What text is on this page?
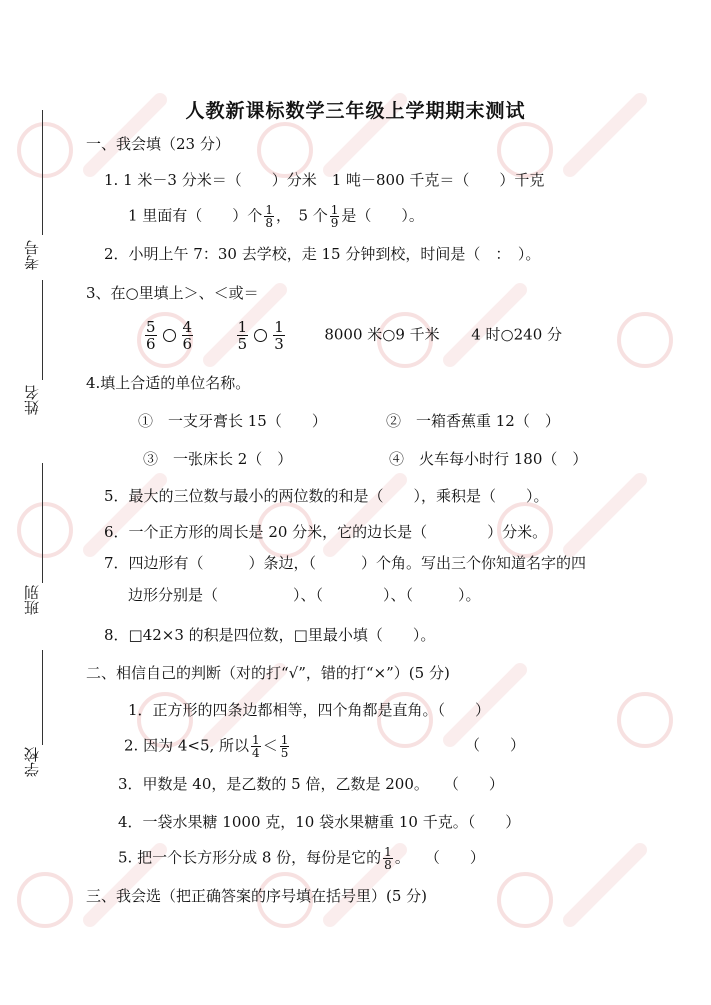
考号
姓名
班别
学校
人教新课标数学三年级上学期期末测试
一、我会填（23 分）
1. 1 米－3 分米＝（　　）分米　1 吨－800 千克＝（　　）千克
1 里面有（　　）个 $\frac{1}{8}$ ，　5 个 $\frac{1}{9}$ 是（　　）。
2．小明上午 7：30 去学校，走 15 分钟到校，时间是（　：　）。
3、在○里填上＞、＜或＝
$\frac{5}{6} \frac{4}{6}$
	$\frac{1}{5} \frac{1}{3}$	8000 米○9 千米 4 时○240 分
4.填上合适的单位名称。
①　一支牙膏长 15（　　）	②　一箱香蕉重 12（　）
③　一张床长 2（　）	④　火车每小时行 180（　）
5．最大的三位数与最小的两位数的和是（　　），乘积是（　　）。
6．一个正方形的周长是 20 分米，它的边长是（　　　　）分米。
7．四边形有（　　　）条边，（　　　）个角。写出三个你知道名字的四
边形分别是（　　　　　）、（　　　　）、（　　　）。
8．□42×3 的积是四位数，□里最小填（　　）。
二、相信自己的判断（对的打“√”，错的打“×”）(5 分)
1．正方形的四条边都相等，四个角都是直角。（　　）
2. 因为 4<5, 所以 $\frac{1}{4} < \frac{1}{5}$	（　　）
3．甲数是 40，是乙数的 5 倍，乙数是 200。　　（　　）
4．一袋水果糖 1000 克，10 袋水果糖重 10 千克。（　　）
5. 把一个长方形分成 8 份，每份是它的 $\frac{1}{8}$ 。　　（　　）
三、我会选（把正确答案的序号填在括号里）(5 分)
